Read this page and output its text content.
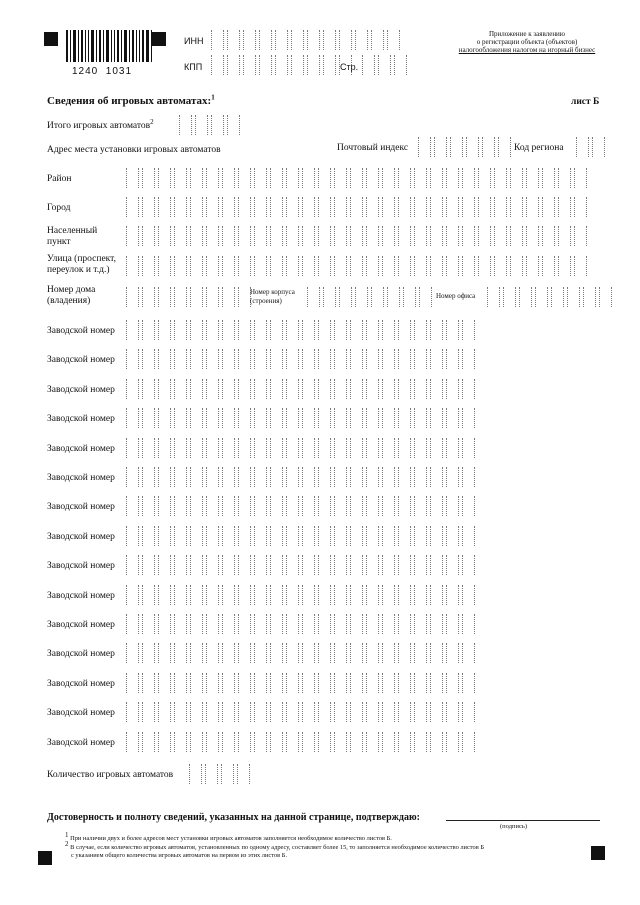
1240  1031
ИНН
КПП	Стр.
Приложение к заявлению
о регистрации объекта (объектов)
налогообложения налогом на игорный бизнес
Сведения об игровых автоматах:$^1$	лист Б
Итого игровых автоматов$^2$
Адрес места установки игровых автоматов	Почтовый индекс	Код региона
Район
Город
Населенный пункт
Улица (проспект, переулок и т.д.)
Номер дома (владения)
Номер корпуса (строения)
Номер офиса
Заводской номер
Заводской номер
Заводской номер
Заводской номер
Заводской номер
Заводской номер
Заводской номер
Заводской номер
Заводской номер
Заводской номер
Заводской номер
Заводской номер
Заводской номер
Заводской номер
Заводской номер
Количество игровых автоматов
Достоверность и полноту сведений, указанных на данной странице, подтверждаю:
(подпись)
$^1$ При наличии двух и более адресов мест установки игровых автоматов заполняется необходимое количество листов Б.
$^2$ В случае, если количество игровых автоматов, установленных по одному адресу, составляет более 15, то заполняется необходимое количество листов Б
с указанием общего количества игровых автоматов на первом из этих листов Б.
